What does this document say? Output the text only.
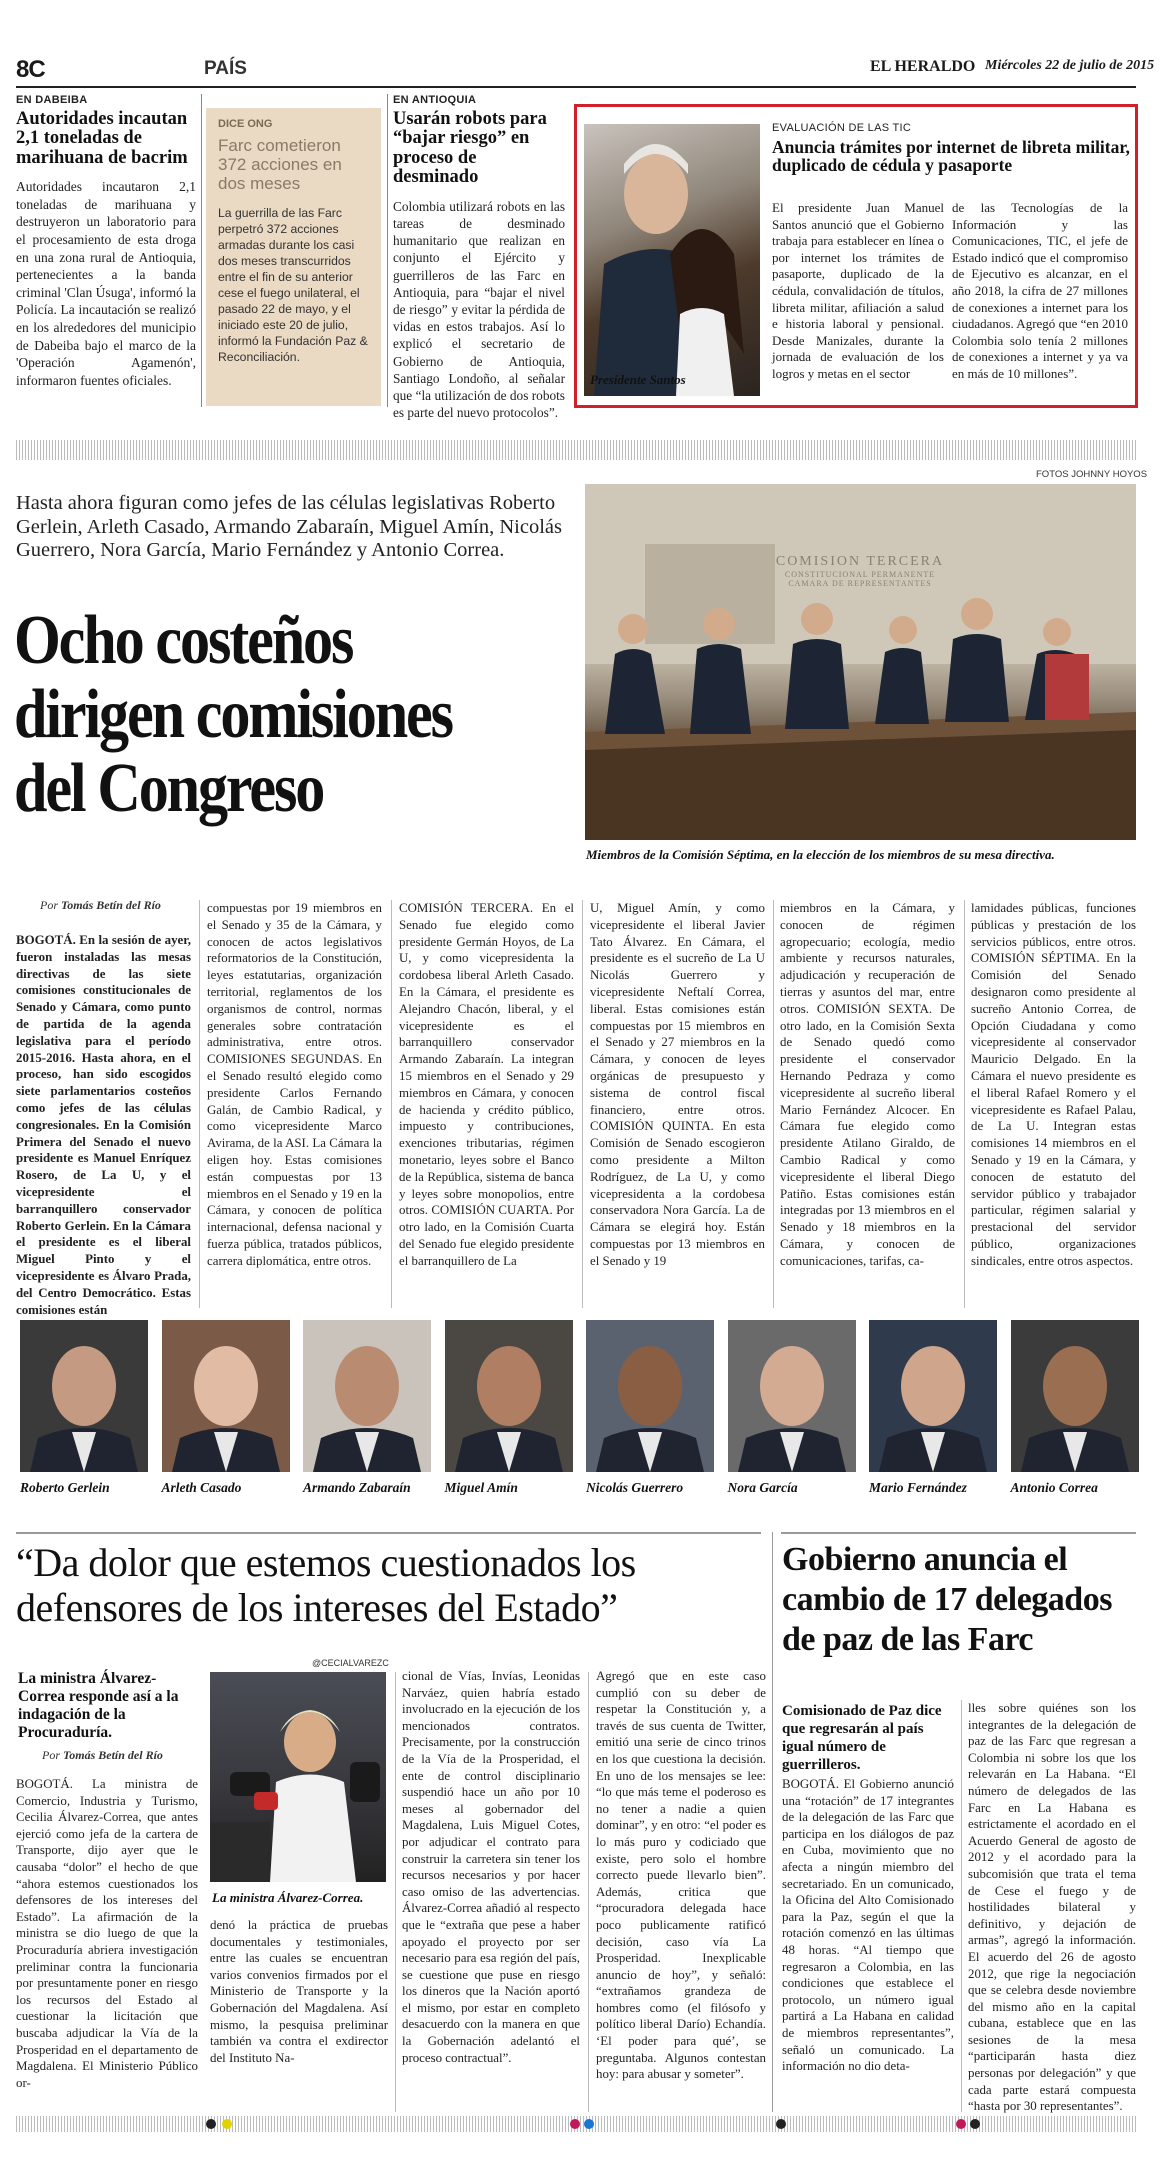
8C	PAÍS	EL HERALDO Miércoles 22 de julio de 2015
EN DABEIBA
Autoridades incautan 2,1 toneladas de marihuana de bacrim
Autoridades incautaron 2,1 toneladas de marihuana y destruyeron un laboratorio para el procesamiento de esta droga en una zona rural de Antioquia, pertenecientes a la banda criminal 'Clan Úsuga', informó la Policía. La incautación se realizó en los alrededores del municipio de Dabeiba bajo el marco de la 'Operación Agamenón', informaron fuentes oficiales.
DICE ONG
Farc cometieron 372 acciones en dos meses
La guerrilla de las Farc perpetró 372 acciones armadas durante los casi dos meses transcurridos entre el fin de su anterior cese el fuego unilateral, el pasado 22 de mayo, y el iniciado este 20 de julio, informó la Fundación Paz & Reconciliación.
EN ANTIOQUIA
Usarán robots para “bajar riesgo” en proceso de desminado
Colombia utilizará robots en las tareas de desminado humanitario que realizan en conjunto el Ejército y guerrilleros de las Farc en Antioquia, para “bajar el nivel de riesgo” y evitar la pérdida de vidas en estos trabajos. Así lo explicó el secretario de Gobierno de Antioquia, Santiago Londoño, al señalar que “la utilización de dos robots es parte del nuevo protocolos”.
Presidente Santos
EVALUACIÓN DE LAS TIC
Anuncia trámites por internet de libreta militar, duplicado de cédula y pasaporte
El presidente Juan Manuel Santos anunció que el Gobierno trabaja para establecer en línea o por internet los trámites de pasaporte, duplicado de la cédula, convalidación de títulos, libreta militar, afiliación a salud e historia laboral y pensional. Desde Manizales, durante la jornada de evaluación de los logros y metas en el sector
de las Tecnologías de la Información y las Comunicaciones, TIC, el jefe de Estado indicó que el compromiso de Ejecutivo es alcanzar, en el año 2018, la cifra de 27 millones de conexiones a internet para los ciudadanos. Agregó que “en 2010 Colombia solo tenía 2 millones de conexiones a internet y ya va en más de 10 millones”.
FOTOS JOHNNY HOYOS
Hasta ahora figuran como jefes de las células legislativas Roberto Gerlein, Arleth Casado, Armando Zabaraín, Miguel Amín, Nicolás Guerrero, Nora García, Mario Fernández y Antonio Correa.
Ocho costeños dirigen comisiones del Congreso
COMISION TERCERA
CONSTITUCIONAL PERMANENTE
CAMARA DE REPRESENTANTES
Miembros de la Comisión Séptima, en la elección de los miembros de su mesa directiva.
Por Tomás Betín del Río
BOGOTÁ. En la sesión de ayer, fueron instaladas las mesas directivas de las siete comisiones constitucionales de Senado y Cámara, como punto de partida de la agenda legislativa para el período 2015-2016. Hasta ahora, en el proceso, han sido escogidos siete parlamentarios costeños como jefes de las células congresionales. En la Comisión Primera del Senado el nuevo presidente es Manuel Enríquez Rosero, de La U, y el vicepresidente el barranquillero conservador Roberto Gerlein. En la Cámara el presidente es el liberal Miguel Pinto y el vicepresidente es Álvaro Prada, del Centro Democrático. Estas comisiones están
compuestas por 19 miembros en el Senado y 35 de la Cámara, y conocen de actos legislativos reformatorios de la Constitución, leyes estatutarias, organización territorial, reglamentos de los organismos de control, normas generales sobre contratación administrativa, entre otros. COMISIONES SEGUNDAS. En el Senado resultó elegido como presidente Carlos Fernando Galán, de Cambio Radical, y como vicepresidente Marco Avirama, de la ASI. La Cámara la eligen hoy. Estas comisiones están compuestas por 13 miembros en el Senado y 19 en la Cámara, y conocen de política internacional, defensa nacional y fuerza pública, tratados públicos, carrera diplomática, entre otros.
COMISIÓN TERCERA. En el Senado fue elegido como presidente Germán Hoyos, de La U, y como vicepresidenta la cordobesa liberal Arleth Casado. En la Cámara, el presidente es Alejandro Chacón, liberal, y el vicepresidente es el barranquillero conservador Armando Zabaraín. La integran 15 miembros en el Senado y 29 miembros en Cámara, y conocen de hacienda y crédito público, impuesto y contribuciones, exenciones tributarias, régimen monetario, leyes sobre el Banco de la República, sistema de banca y leyes sobre monopolios, entre otros. COMISIÓN CUARTA. Por otro lado, en la Comisión Cuarta del Senado fue elegido presidente el barranquillero de La
U, Miguel Amín, y como vicepresidente el liberal Javier Tato Álvarez. En Cámara, el presidente es el sucreño de La U Nicolás Guerrero y vicepresidente Neftalí Correa, liberal. Estas comisiones están compuestas por 15 miembros en el Senado y 27 miembros en la Cámara, y conocen de leyes orgánicas de presupuesto y sistema de control fiscal financiero, entre otros. COMISIÓN QUINTA. En esta Comisión de Senado escogieron como presidente a Milton Rodríguez, de La U, y como vicepresidenta a la cordobesa conservadora Nora García. La de Cámara se elegirá hoy. Están compuestas por 13 miembros en el Senado y 19
miembros en la Cámara, y conocen de régimen agropecuario; ecología, medio ambiente y recursos naturales, adjudicación y recuperación de tierras y asuntos del mar, entre otros. COMISIÓN SEXTA. De otro lado, en la Comisión Sexta de Senado quedó como presidente el conservador Hernando Pedraza y como vicepresidente al sucreño liberal Mario Fernández Alcocer. En Cámara fue elegido como presidente Atilano Giraldo, de Cambio Radical y como vicepresidente el liberal Diego Patiño. Estas comisiones están integradas por 13 miembros en el Senado y 18 miembros en la Cámara, y conocen de comunicaciones, tarifas, ca-
lamidades públicas, funciones públicas y prestación de los servicios públicos, entre otros. COMISIÓN SÉPTIMA. En la Comisión del Senado designaron como presidente al sucreño Antonio Correa, de Opción Ciudadana y como vicepresidente al conservador Mauricio Delgado. En la Cámara el nuevo presidente es el liberal Rafael Romero y el vicepresidente es Rafael Palau, de La U. Integran estas comisiones 14 miembros en el Senado y 19 en la Cámara, y conocen de estatuto del servidor público y trabajador particular, régimen salarial y prestacional del servidor público, organizaciones sindicales, entre otros aspectos.
Roberto Gerlein	Arleth Casado	Armando Zabaraín	Miguel Amín	Nicolás Guerrero	Nora García	Mario Fernández	Antonio Correa
“Da dolor que estemos cuestionados los defensores de los intereses del Estado”
La ministra Álvarez-Correa responde así a la indagación de la Procuraduría.
Por Tomás Betín del Río
BOGOTÁ. La ministra de Comercio, Industria y Turismo, Cecilia Álvarez-Correa, que antes ejerció como jefa de la cartera de Transporte, dijo ayer que le causaba “dolor” el hecho de que “ahora estemos cuestionados los defensores de los intereses del Estado”. La afirmación de la ministra se dio luego de que la Procuraduría abriera investigación preliminar contra la funcionaria por presuntamente poner en riesgo los recursos del Estado al cuestionar la licitación que buscaba adjudicar la Vía de la Prosperidad en el departamento de Magdalena. El Ministerio Público or-
@CECIALVAREZC
La ministra Álvarez-Correa.
denó la práctica de pruebas documentales y testimoniales, entre las cuales se encuentran varios convenios firmados por el Ministerio de Transporte y la Gobernación del Magdalena. Así mismo, la pesquisa preliminar también va contra el exdirector del Instituto Na-
cional de Vías, Invías, Leonidas Narváez, quien habría estado involucrado en la ejecución de los mencionados contratos. Precisamente, por la construcción de la Vía de la Prosperidad, el ente de control disciplinario suspendió hace un año por 10 meses al gobernador del Magdalena, Luis Miguel Cotes, por adjudicar el contrato para construir la carretera sin tener los recursos necesarios y por hacer caso omiso de las advertencias. Álvarez-Correa añadió al respecto que le “extraña que pese a haber apoyado el proyecto por ser necesario para esa región del país, se cuestione que puse en riesgo los dineros que la Nación aportó el mismo, por estar en completo desacuerdo con la manera en que la Gobernación adelantó el proceso contractual”.
Agregó que en este caso cumplió con su deber de respetar la Constitución y, a través de sus cuenta de Twitter, emitió una serie de cinco trinos en los que cuestiona la decisión. En uno de los mensajes se lee: “lo que más teme el poderoso es no tener a nadie a quien dominar”, y en otro: “el poder es lo más puro y codiciado que existe, pero solo el hombre correcto puede llevarlo bien”. Además, critica que “procuradora delegada hace poco publicamente ratificó decisión, caso vía La Prosperidad. Inexplicable anuncio de hoy”, y señaló: “extrañamos grandeza de hombres como (el filósofo y político liberal Darío) Echandía. ‘El poder para qué’, se preguntaba. Algunos contestan hoy: para abusar y someter”.
Gobierno anuncia el cambio de 17 delegados de paz de las Farc
Comisionado de Paz dice que regresarán al país igual número de guerrilleros.
BOGOTÁ. El Gobierno anunció una “rotación” de 17 integrantes de la delegación de las Farc que participa en los diálogos de paz en Cuba, movimiento que no afecta a ningún miembro del secretariado. En un comunicado, la Oficina del Alto Comisionado para la Paz, según el que la rotación comenzó en las últimas 48 horas. “Al tiempo que regresaron a Colombia, en las condiciones que establece el protocolo, un número igual partirá a La Habana en calidad de miembros representantes”, señaló un comunicado. La información no dio deta-
lles sobre quiénes son los integrantes de la delegación de paz de las Farc que regresan a Colombia ni sobre los que los relevarán en La Habana. “El número de delegados de las Farc en La Habana es estrictamente el acordado en el Acuerdo General de agosto de 2012 y el acordado para la subcomisión que trata el tema de Cese el fuego y de hostilidades bilateral y definitivo, y dejación de armas”, agregó la información. El acuerdo del 26 de agosto 2012, que rige la negociación que se celebra desde noviembre del mismo año en la capital cubana, establece que en las sesiones de la mesa “participarán hasta diez personas por delegación” y que cada parte estará compuesta “hasta por 30 representantes”.
